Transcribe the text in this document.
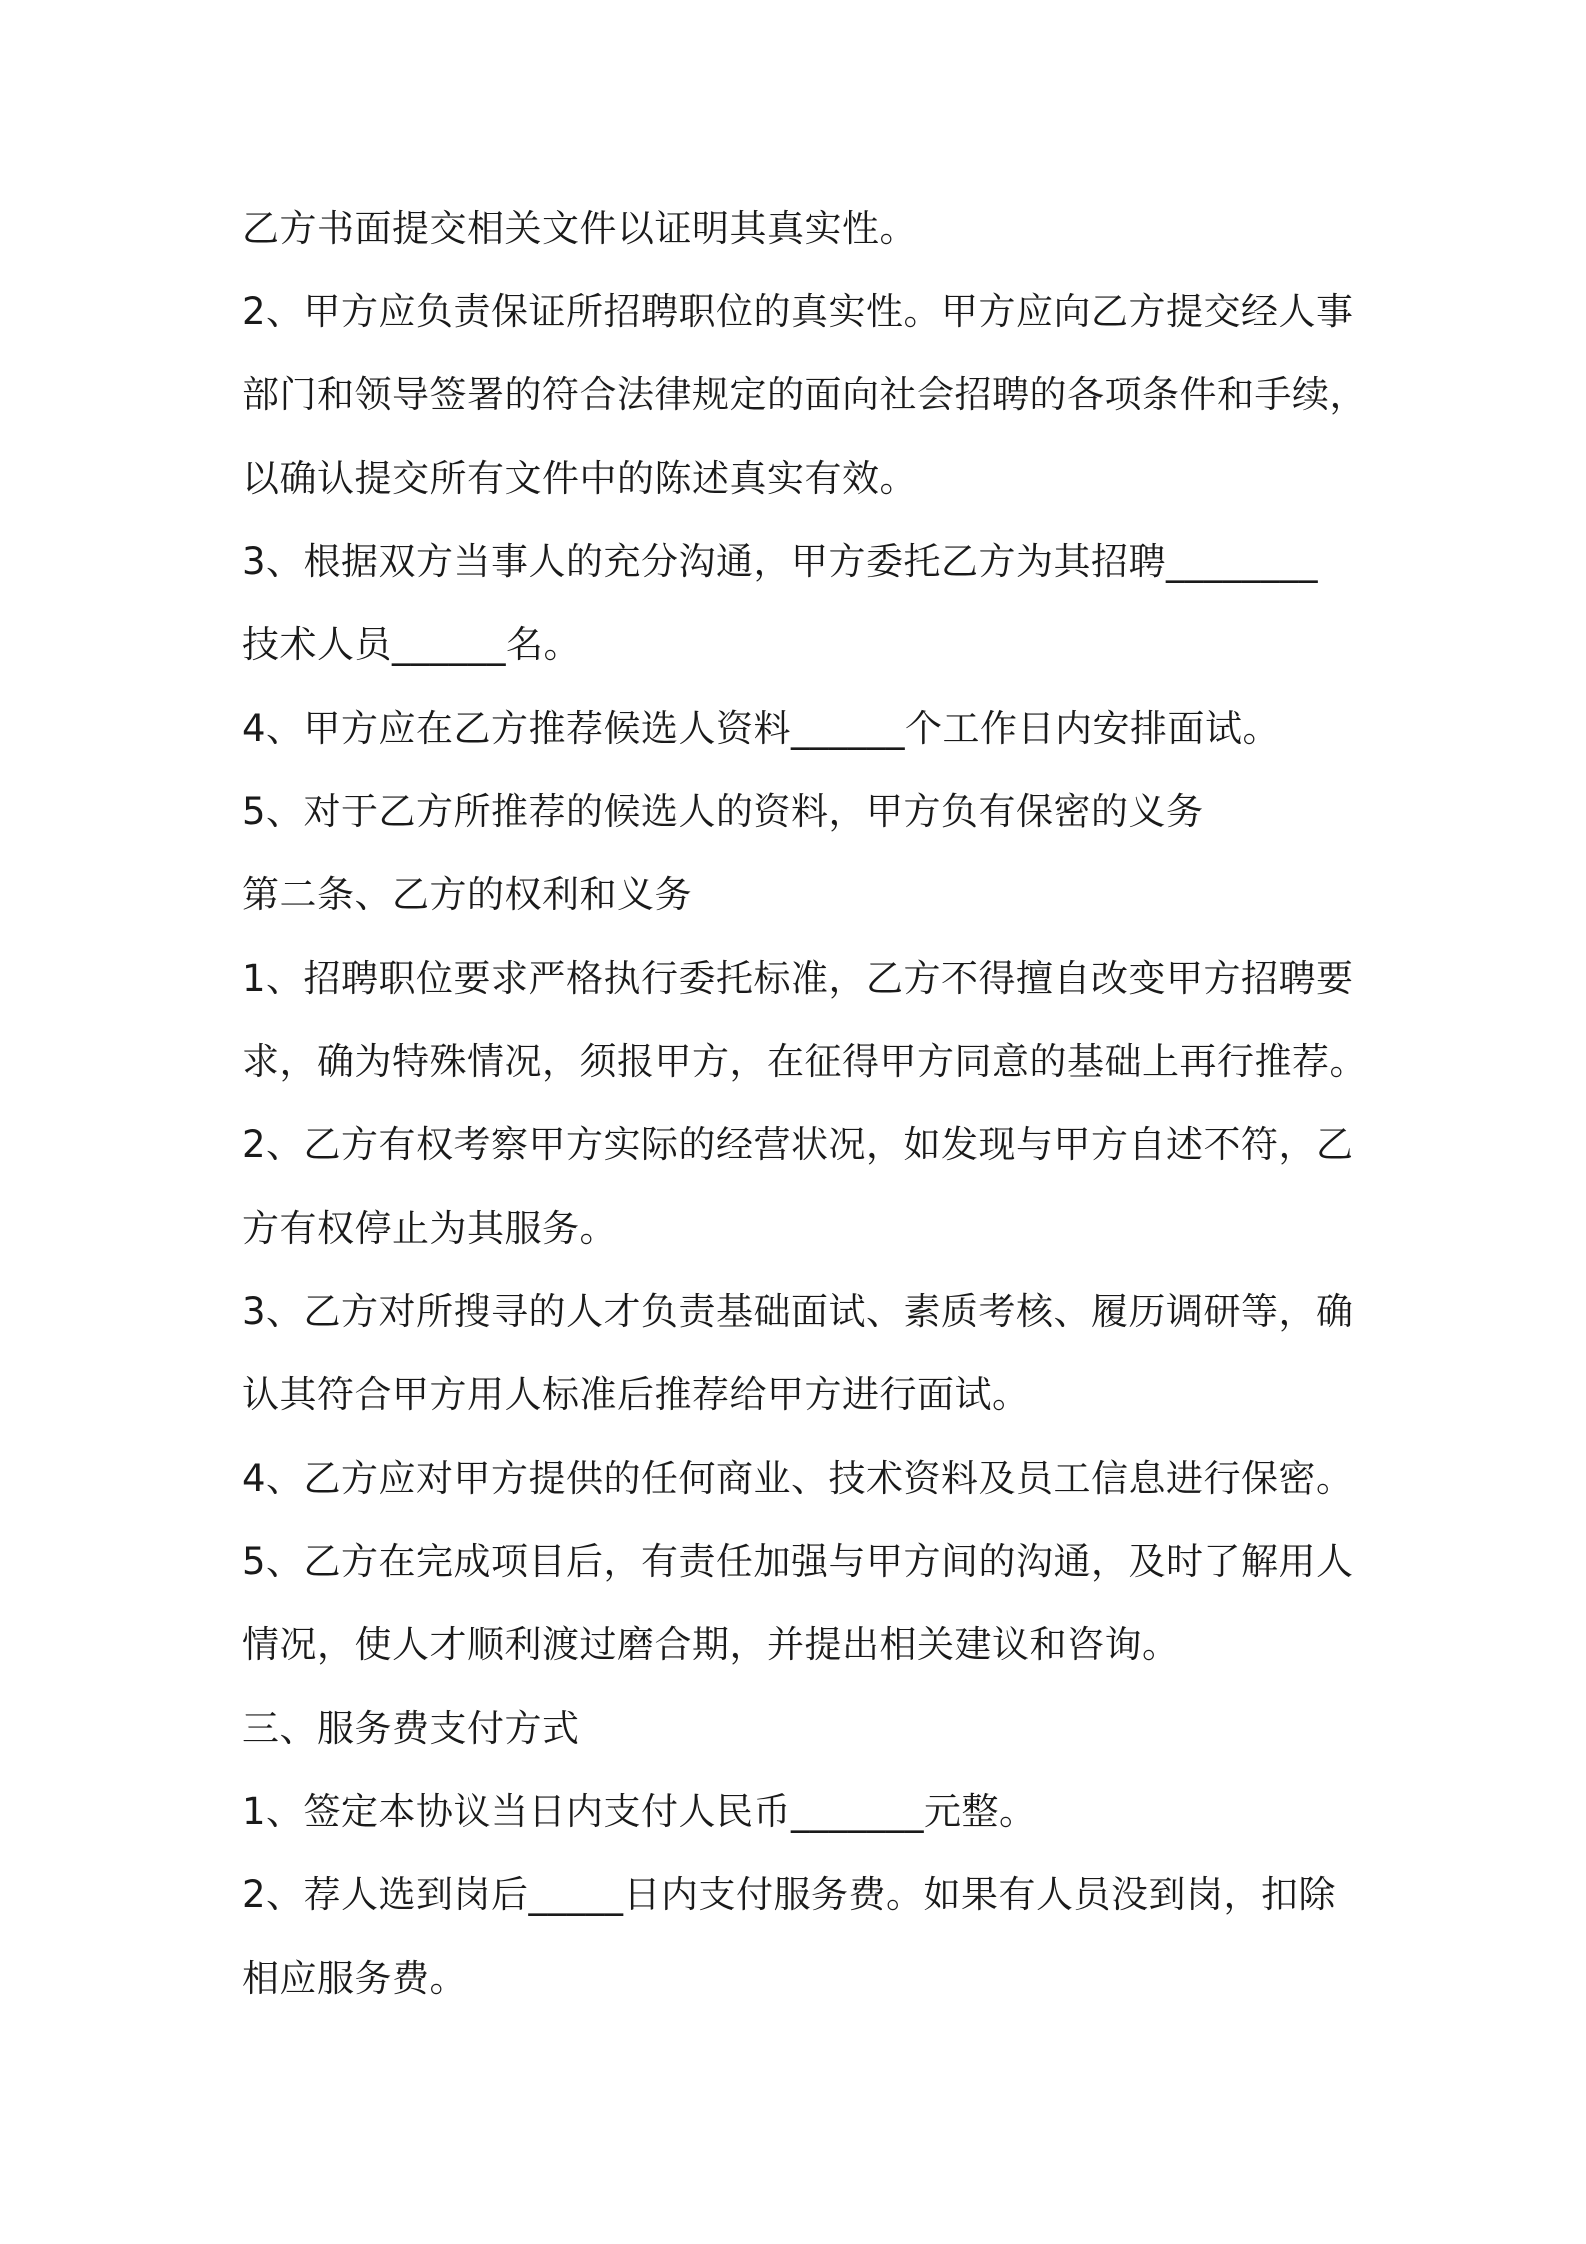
乙方书面提交相关文件以证明其真实性。
2、甲方应负责保证所招聘职位的真实性。甲方应向乙方提交经人事
部门和领导签署的符合法律规定的面向社会招聘的各项条件和手续，
以确认提交所有文件中的陈述真实有效。
3、根据双方当事人的充分沟通，甲方委托乙方为其招聘________
技术人员______名。
4、甲方应在乙方推荐候选人资料______个工作日内安排面试。
5、对于乙方所推荐的候选人的资料，甲方负有保密的义务
第二条、乙方的权利和义务
1、招聘职位要求严格执行委托标准，乙方不得擅自改变甲方招聘要
求，确为特殊情况，须报甲方，在征得甲方同意的基础上再行推荐。
2、乙方有权考察甲方实际的经营状况，如发现与甲方自述不符，乙
方有权停止为其服务。
3、乙方对所搜寻的人才负责基础面试、素质考核、履历调研等，确
认其符合甲方用人标准后推荐给甲方进行面试。
4、乙方应对甲方提供的任何商业、技术资料及员工信息进行保密。
5、乙方在完成项目后，有责任加强与甲方间的沟通，及时了解用人
情况，使人才顺利渡过磨合期，并提出相关建议和咨询。
三、服务费支付方式
1、签定本协议当日内支付人民币_______元整。
2、荐人选到岗后_____日内支付服务费。如果有人员没到岗，扣除
相应服务费。
